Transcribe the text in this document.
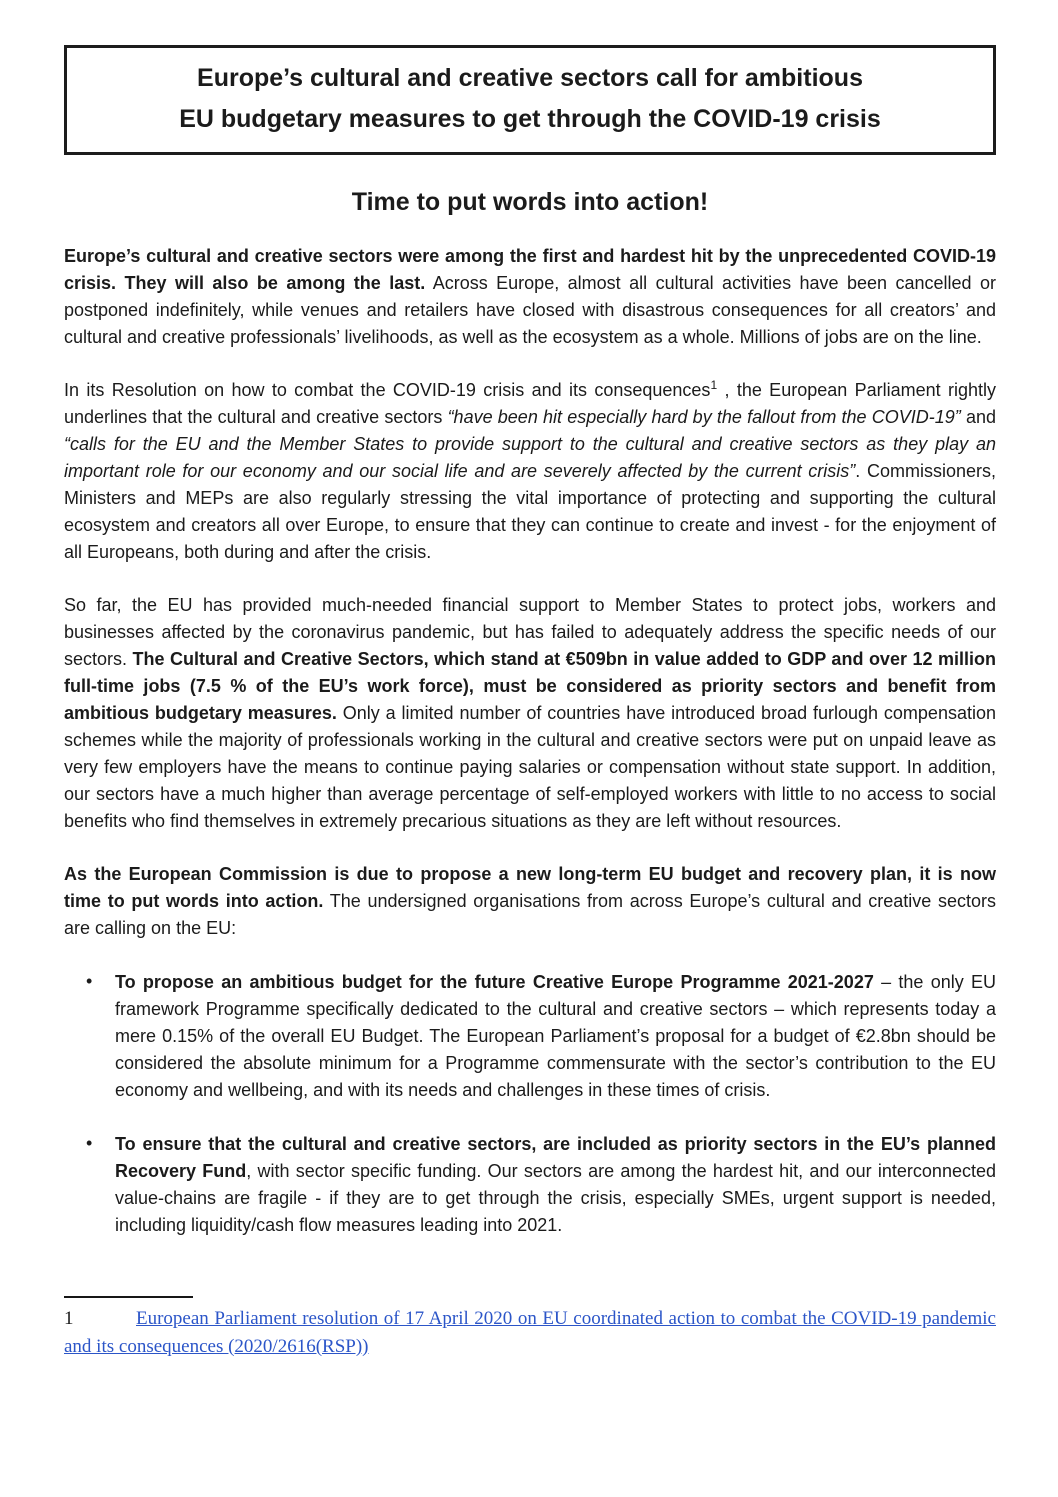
Europe’s cultural and creative sectors call for ambitious
EU budgetary measures to get through the COVID-19 crisis
Time to put words into action!

Europe’s cultural and creative sectors were among the first and hardest hit by the unprecedented COVID-19 crisis. They will also be among the last. Across Europe, almost all cultural activities have been cancelled or postponed indefinitely, while venues and retailers have closed with disastrous consequences for all creators’ and cultural and creative professionals’ livelihoods, as well as the ecosystem as a whole. Millions of jobs are on the line.

In its Resolution on how to combat the COVID-19 crisis and its consequences$^1$ , the European Parliament rightly underlines that the cultural and creative sectors “have been hit especially hard by the fallout from the COVID-19” and “calls for the EU and the Member States to provide support to the cultural and creative sectors as they play an important role for our economy and our social life and are severely affected by the current crisis”. Commissioners, Ministers and MEPs are also regularly stressing the vital importance of protecting and supporting the cultural ecosystem and creators all over Europe, to ensure that they can continue to create and invest - for the enjoyment of all Europeans, both during and after the crisis.

So far, the EU has provided much-needed financial support to Member States to protect jobs, workers and businesses affected by the coronavirus pandemic, but has failed to adequately address the specific needs of our sectors. The Cultural and Creative Sectors, which stand at €509bn in value added to GDP and over 12 million full-time jobs (7.5 % of the EU’s work force), must be considered as priority sectors and benefit from ambitious budgetary measures. Only a limited number of countries have introduced broad furlough compensation schemes while the majority of professionals working in the cultural and creative sectors were put on unpaid leave as very few employers have the means to continue paying salaries or compensation without state support. In addition, our sectors have a much higher than average percentage of self-employed workers with little to no access to social benefits who find themselves in extremely precarious situations as they are left without resources.

As the European Commission is due to propose a new long-term EU budget and recovery plan, it is now time to put words into action. The undersigned organisations from across Europe’s cultural and creative sectors are calling on the EU:

• To propose an ambitious budget for the future Creative Europe Programme 2021-2027 – the only EU framework Programme specifically dedicated to the cultural and creative sectors – which represents today a mere 0.15% of the overall EU Budget. The European Parliament’s proposal for a budget of €2.8bn should be considered the absolute minimum for a Programme commensurate with the sector’s contribution to the EU economy and wellbeing, and with its needs and challenges in these times of crisis.
• To ensure that the cultural and creative sectors, are included as priority sectors in the EU’s planned Recovery Fund, with sector specific funding. Our sectors are among the hardest hit, and our interconnected value-chains are fragile - if they are to get through the crisis, especially SMEs, urgent support is needed, including liquidity/cash flow measures leading into 2021.

1	European Parliament resolution of 17 April 2020 on EU coordinated action to combat the COVID-19 pandemic and its consequences (2020/2616(RSP))
